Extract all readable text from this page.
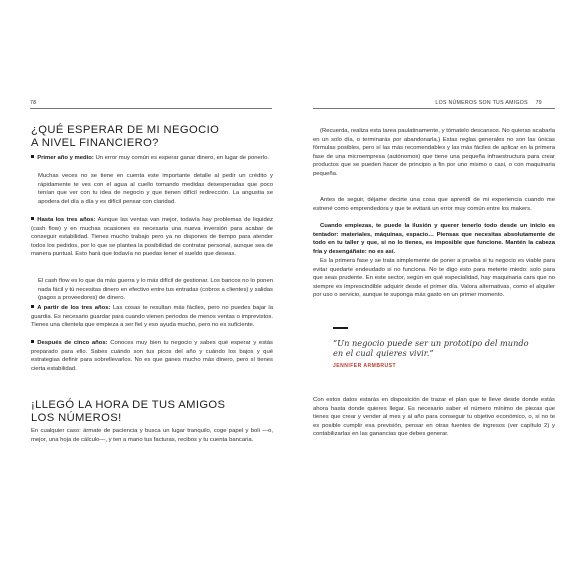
78
¿QUÉ ESPERAR DE MI NEGOCIO
A NIVEL FINANCIERO?
Primer año y medio: Un error muy común es esperar ganar dinero, en lugar de ponerlo.
Muchas veces no se tiene en cuenta este importante detalle al pedir un crédito y rápidamente te ves con el agua al cuello tomando medidas desesperadas que poco tenían que ver con tu idea de negocio y que tienen difícil redirección. La angustia se apodera del día a día y es difícil pensar con claridad.
Hasta los tres años: Aunque las ventas van mejor, todavía hay problemas de liquidez (cash flow) y en muchas ocasiones es necesaria una nueva inversión para acabar de conseguir estabilidad. Tienes mucho trabajo pero ya no dispones de tiempo para atender todos los pedidos, por lo que se plantea la posibilidad de contratar personal, aunque sea de manera puntual. Esto hará que todavía no puedas tener el sueldo que deseas.
El cash flow es lo que da más guerra y lo más difícil de gestionar. Los bancos no lo ponen nada fácil y tú necesitas dinero en efectivo entre tus entradas (cobros a clientes) y salidas (pagos a proveedores) de dinero.
A partir de los tres años: Las cosas te resultan más fáciles, pero no puedes bajar la guardia. Es necesario guardar para cuando vienen periodos de menos ventas o imprevistos. Tienes una clientela que empieza a ser fiel y eso ayuda mucho, pero no es suficiente.
Después de cinco años: Conoces muy bien tu negocio y sabes qué esperar y estás preparado para ello. Sabes cuándo son tus picos del año y cuándo los bajos y qué estrategias definir para sobrellevarlos. No es que ganes mucho más dinero, pero sí tienes cierta estabilidad.
¡LLEGÓ LA HORA DE TUS AMIGOS
LOS NÚMEROS!
En cualquier caso: ármate de paciencia y busca un lugar tranquilo, coge papel y boli —o, mejor, una hoja de cálculo—, y ten a mano tus facturas, recibos y tu cuenta bancaria.
LOS NÚMEROS SON TUS AMIGOS 79
(Recuerda, realiza esta tarea paulatinamente, y tómatelo descansos. No quieras acabarla en un solo día, o terminarás por abandonarla.) Estas reglas generales no son las únicas fórmulas posibles, pero sí las más recomendables y las más fáciles de aplicar en la primera fase de una microempresa (autónomos) que tiene una pequeña infraestructura para crear productos que se pueden hacer de principio a fin por uno mismo o casi, o con maquinaria pequeña.
Antes de seguir, déjame decirte una cosa que aprendí de mi experiencia cuando me estrené como emprendedora y que te evitará un error muy común entre los makers.
Cuando empiezas, te puede la ilusión y querer tenerlo todo desde un inicio es tentador: materiales, máquinas, espacio… Piensas que necesitas absolutamente de todo en tu taller y que, si no lo tienes, es imposible que funcione. Mantén la cabeza fría y desengáñate: no es así.
Es la primera fase y se trata simplemente de poner a prueba si tu negocio es viable para evitar quedarte endeudado si no funciona. No te digo esto para meterte miedo: solo para que seas prudente. En este sector, según en qué especialidad, hay maquinaria cara que no siempre es imprescindible adquirir desde el primer día. Valora alternativas, como el alquiler por uso o servicio, aunque te suponga más gasto en un primer momento.
“Un negocio puede ser un prototipo del mundo
en el cual quieres vivir.”
JENNIFER ARMBRUST
Con estos datos estarás en disposición de trazar el plan que te lleve desde donde estás ahora hasta donde quieres llegar. Es necesario saber el número mínimo de piezas que tienes que crear y vender al mes y al año para conseguir tu objetivo económico, o, si no te es posible cumplir esa previsión, pensar en otras fuentes de ingresos (ver capítulo 2) y contabilizarlas en las ganancias que debes generar.
